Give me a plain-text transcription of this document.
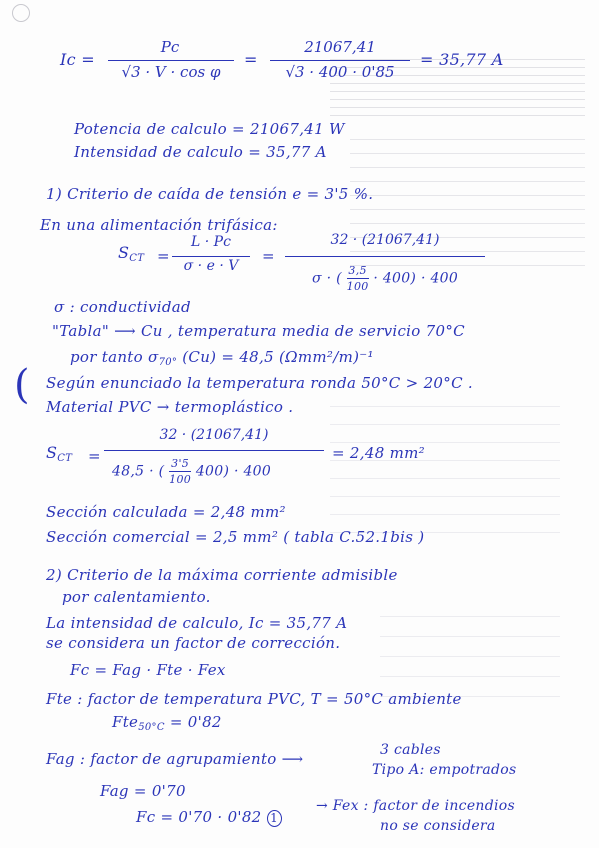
Ic =
Pc
√3 · V · cos φ
=
21067,41
√3 · 400 · 0'85
= 35,77 A
Potencia de calculo = 21067,41 W
Intensidad de calculo = 35,77 A
1) Criterio de caída de tensión e = 3'5 %.
En una alimentación trifásica:
$S_{CT}$ =
L · Pc
σ · e · V
=
32 · (21067,41)
σ · ( $\frac{3,5}{100} \cdot 400) \cdot 400$
σ : conductividad
"Tabla" ⟶ Cu , temperatura media de servicio 70°C
por tanto $\sigma_{70^\circ}$ (Cu) = 48,5 (Ωmm²/m)⁻¹
( Según enunciado la temperatura ronda 50°C > 20°C .
Material PVC → termoplástico .
$S_{CT}$ =
32 · (21067,41)
48,5 · ( $\frac{3'5}{100} 400) \cdot 400$
= 2,48 mm²
Sección calculada = 2,48 mm²
Sección comercial = 2,5 mm² ( tabla C.52.1bis )
2) Criterio de la máxima corriente admisible
por calentamiento.
La intensidad de calculo, Ic = 35,77 A
se considera un factor de corrección.
Fc = Fag · Fte · Fex
Fte : factor de temperatura PVC, T = 50°C ambiente
Fte$_{50^\circ C}$ = 0'82
Fag : factor de agrupamiento ⟶	3 cables
Tipo A: empotrados
Fag = 0'70
Fc = 0'70 · 0'82 1
→ Fex : factor de incendios
no se considera
